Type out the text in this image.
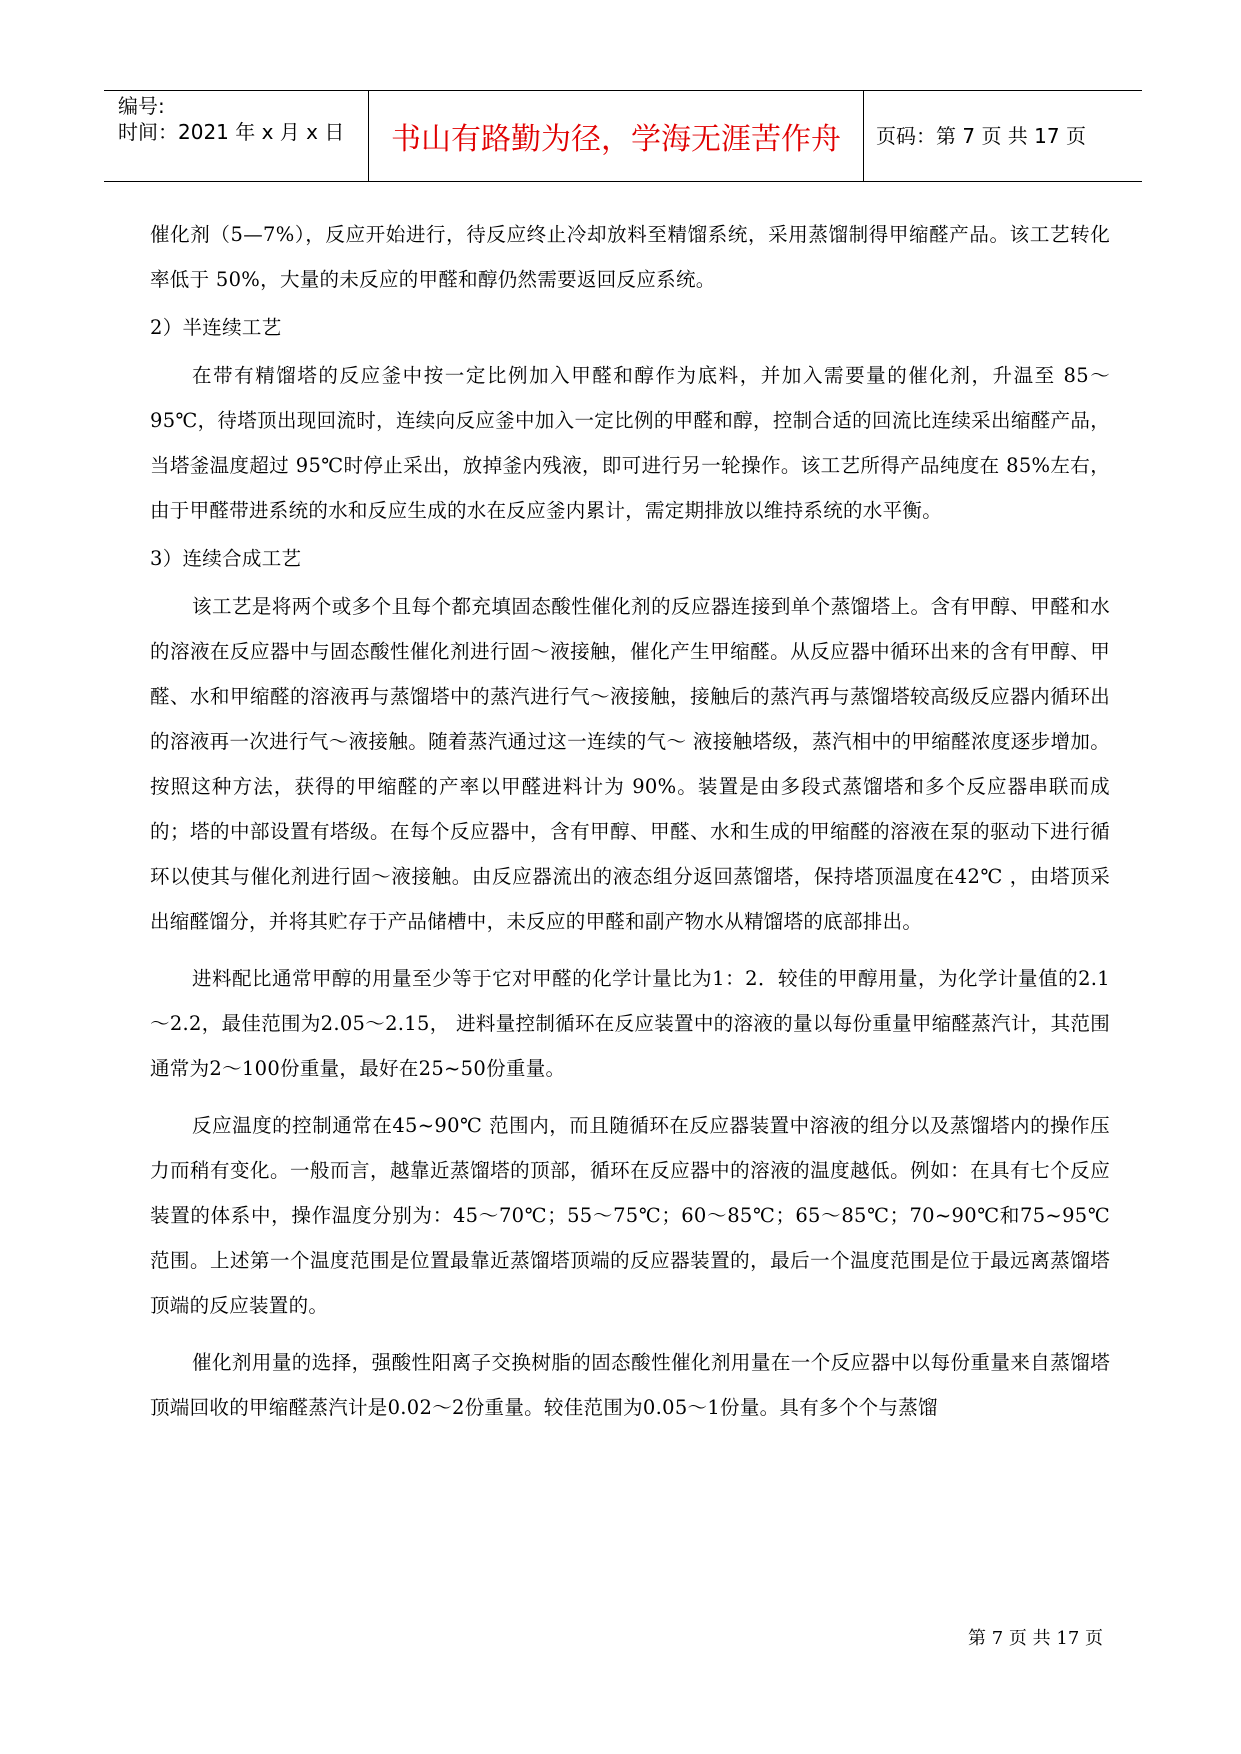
编号:
时间：2021 年 x 月 x 日	书山有路勤为径，学海无涯苦作舟	页码：第 7 页 共 17 页

催化剂（5—7%），反应开始进行，待反应终止冷却放料至精馏系统，采用蒸馏制得甲缩醛产品。该工艺转化率低于 50%，大量的未反应的甲醛和醇仍然需要返回反应系统。

2）半连续工艺

在带有精馏塔的反应釜中按一定比例加入甲醛和醇作为底料，并加入需要量的催化剂，升温至 85～95℃，待塔顶出现回流时，连续向反应釜中加入一定比例的甲醛和醇，控制合适的回流比连续采出缩醛产品，当塔釜温度超过 95℃时停止采出，放掉釜内残液，即可进行另一轮操作。该工艺所得产品纯度在 85%左右，由于甲醛带进系统的水和反应生成的水在反应釜内累计，需定期排放以维持系统的水平衡。

3）连续合成工艺

该工艺是将两个或多个且每个都充填固态酸性催化剂的反应器连接到单个蒸馏塔上。含有甲醇、甲醛和水的溶液在反应器中与固态酸性催化剂进行固～液接触，催化产生甲缩醛。从反应器中循环出来的含有甲醇、甲醛、水和甲缩醛的溶液再与蒸馏塔中的蒸汽进行气～液接触，接触后的蒸汽再与蒸馏塔较高级反应器内循环出的溶液再一次进行气～液接触。随着蒸汽通过这一连续的气～ 液接触塔级，蒸汽相中的甲缩醛浓度逐步增加。按照这种方法，获得的甲缩醛的产率以甲醛进料计为 90%。装置是由多段式蒸馏塔和多个反应器串联而成的；塔的中部设置有塔级。在每个反应器中，含有甲醇、甲醛、水和生成的甲缩醛的溶液在泵的驱动下进行循环以使其与催化剂进行固～液接触。由反应器流出的液态组分返回蒸馏塔，保持塔顶温度在42℃ ，由塔顶采出缩醛馏分，并将其贮存于产品储槽中，未反应的甲醛和副产物水从精馏塔的底部排出。

进料配比通常甲醇的用量至少等于它对甲醛的化学计量比为1：2．较佳的甲醇用量，为化学计量值的2.1～2.2，最佳范围为2.05～2.15， 进料量控制循环在反应装置中的溶液的量以每份重量甲缩醛蒸汽计，其范围通常为2～100份重量，最好在25~50份重量。

反应温度的控制通常在45~90℃ 范围内，而且随循环在反应器装置中溶液的组分以及蒸馏塔内的操作压力而稍有变化。一般而言，越靠近蒸馏塔的顶部，循环在反应器中的溶液的温度越低。例如：在具有七个反应装置的体系中，操作温度分别为：45～70℃；55～75℃；60～85℃；65～85℃；70~90℃和75~95℃范围。上述第一个温度范围是位置最靠近蒸馏塔顶端的反应器装置的，最后一个温度范围是位于最远离蒸馏塔顶端的反应装置的。

催化剂用量的选择，强酸性阳离子交换树脂的固态酸性催化剂用量在一个反应器中以每份重量来自蒸馏塔顶端回收的甲缩醛蒸汽计是0.02～2份重量。较佳范围为0.05～1份量。具有多个个与蒸馏

第 7 页 共 17 页
